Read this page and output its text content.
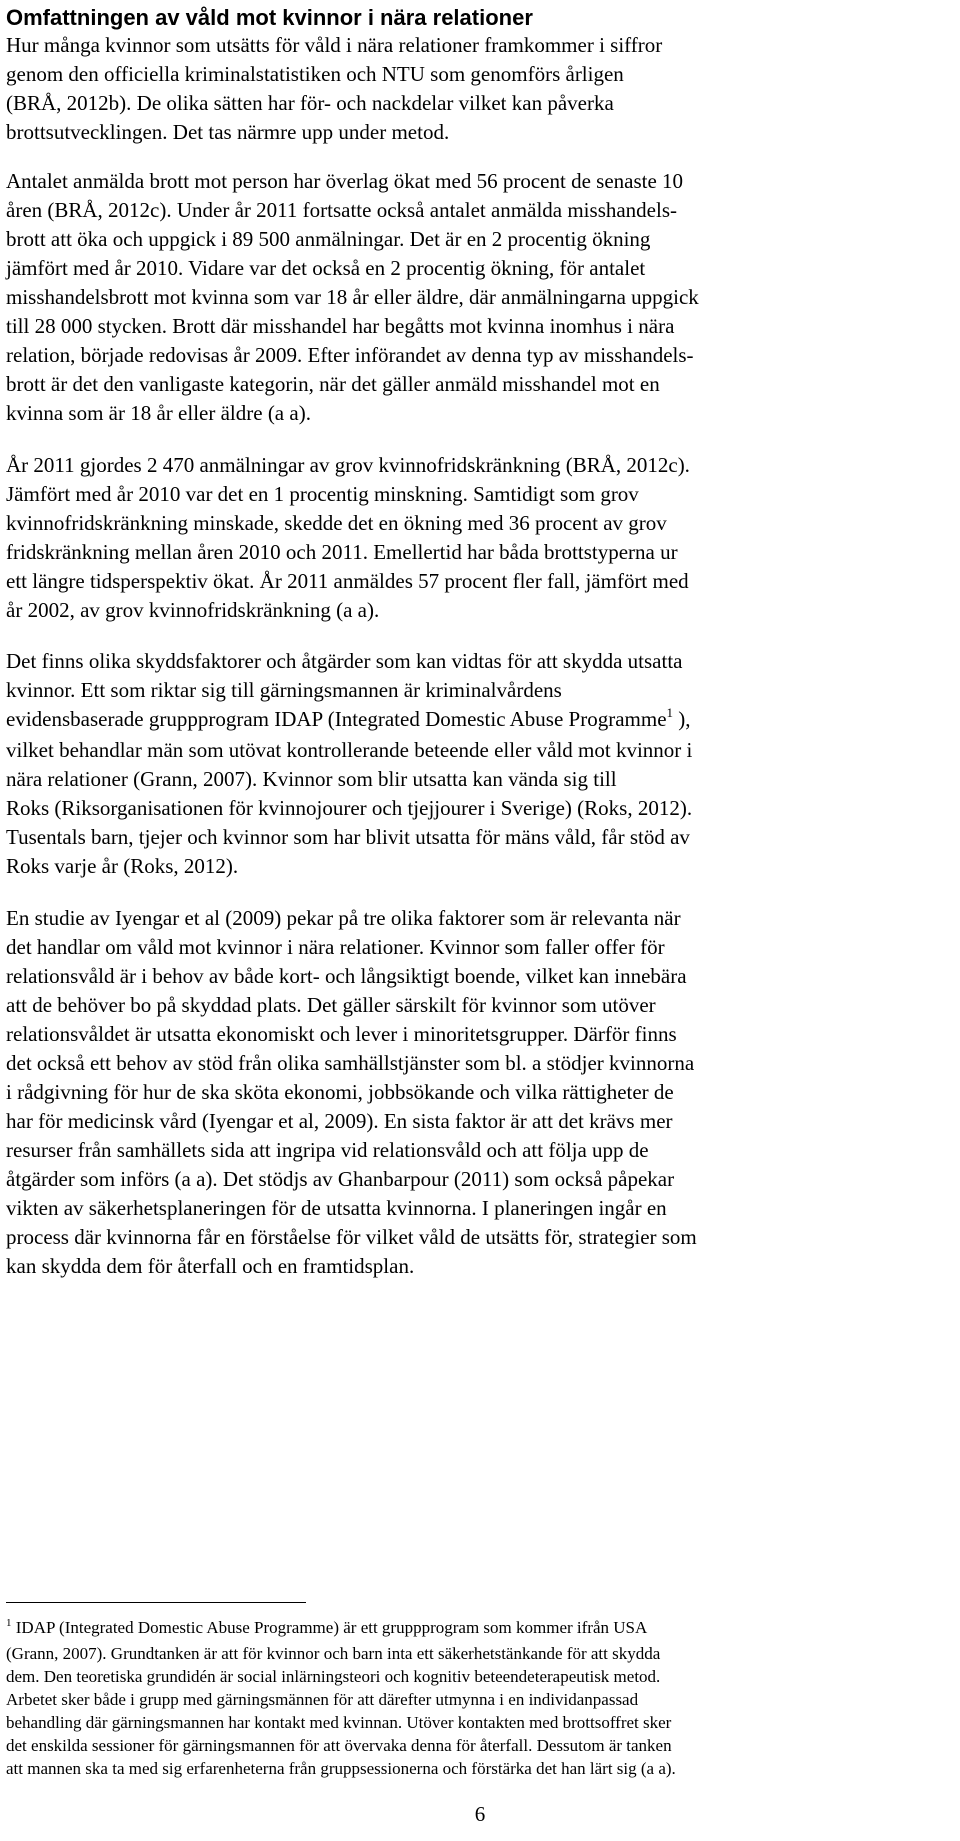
Omfattningen av våld mot kvinnor i nära relationer

Hur många kvinnor som utsätts för våld i nära relationer framkommer i siffror
genom den officiella kriminalstatistiken och NTU som genomförs årligen
(BRÅ, 2012b). De olika sätten har för- och nackdelar vilket kan påverka
brottsutvecklingen. Det tas närmre upp under metod.

Antalet anmälda brott mot person har överlag ökat med 56 procent de senaste 10
åren (BRÅ, 2012c). Under år 2011 fortsatte också antalet anmälda misshandels-
brott att öka och uppgick i 89 500 anmälningar. Det är en 2 procentig ökning
jämfört med år 2010. Vidare var det också en 2 procentig ökning, för antalet
misshandelsbrott mot kvinna som var 18 år eller äldre, där anmälningarna uppgick
till 28 000 stycken. Brott där misshandel har begåtts mot kvinna inomhus i nära
relation, började redovisas år 2009. Efter införandet av denna typ av misshandels-
brott är det den vanligaste kategorin, när det gäller anmäld misshandel mot en
kvinna som är 18 år eller äldre (a a).

År 2011 gjordes 2 470 anmälningar av grov kvinnofridskränkning (BRÅ, 2012c).
Jämfört med år 2010 var det en 1 procentig minskning. Samtidigt som grov
kvinnofridskränkning minskade, skedde det en ökning med 36 procent av grov
fridskränkning mellan åren 2010 och 2011. Emellertid har båda brottstyperna ur
ett längre tidsperspektiv ökat. År 2011 anmäldes 57 procent fler fall, jämfört med
år 2002, av grov kvinnofridskränkning (a a).

Det finns olika skyddsfaktorer och åtgärder som kan vidtas för att skydda utsatta
kvinnor. Ett som riktar sig till gärningsmannen är kriminalvårdens
evidensbaserade gruppprogram IDAP (Integrated Domestic Abuse Programme$^1$ ),
vilket behandlar män som utövat kontrollerande beteende eller våld mot kvinnor i
nära relationer (Grann, 2007). Kvinnor som blir utsatta kan vända sig till
Roks (Riksorganisationen för kvinnojourer och tjejjourer i Sverige) (Roks, 2012).
Tusentals barn, tjejer och kvinnor som har blivit utsatta för mäns våld, får stöd av
Roks varje år (Roks, 2012).

En studie av Iyengar et al (2009) pekar på tre olika faktorer som är relevanta när
det handlar om våld mot kvinnor i nära relationer. Kvinnor som faller offer för
relationsvåld är i behov av både kort- och långsiktigt boende, vilket kan innebära
att de behöver bo på skyddad plats. Det gäller särskilt för kvinnor som utöver
relationsvåldet är utsatta ekonomiskt och lever i minoritetsgrupper. Därför finns
det också ett behov av stöd från olika samhällstjänster som bl. a stödjer kvinnorna
i rådgivning för hur de ska sköta ekonomi, jobbsökande och vilka rättigheter de
har för medicinsk vård (Iyengar et al, 2009). En sista faktor är att det krävs mer
resurser från samhällets sida att ingripa vid relationsvåld och att följa upp de
åtgärder som införs (a a). Det stödjs av Ghanbarpour (2011) som också påpekar
vikten av säkerhetsplaneringen för de utsatta kvinnorna. I planeringen ingår en
process där kvinnorna får en förståelse för vilket våld de utsätts för, strategier som
kan skydda dem för återfall och en framtidsplan.

$^1$ IDAP (Integrated Domestic Abuse Programme) är ett gruppprogram som kommer ifrån USA
(Grann, 2007). Grundtanken är att för kvinnor och barn inta ett säkerhetstänkande för att skydda
dem. Den teoretiska grundidén är social inlärningsteori och kognitiv beteendeterapeutisk metod.
Arbetet sker både i grupp med gärningsmännen för att därefter utmynna i en individanpassad
behandling där gärningsmannen har kontakt med kvinnan. Utöver kontakten med brottsoffret sker
det enskilda sessioner för gärningsmannen för att övervaka denna för återfall. Dessutom är tanken
att mannen ska ta med sig erfarenheterna från gruppsessionerna och förstärka det han lärt sig (a a).

6
